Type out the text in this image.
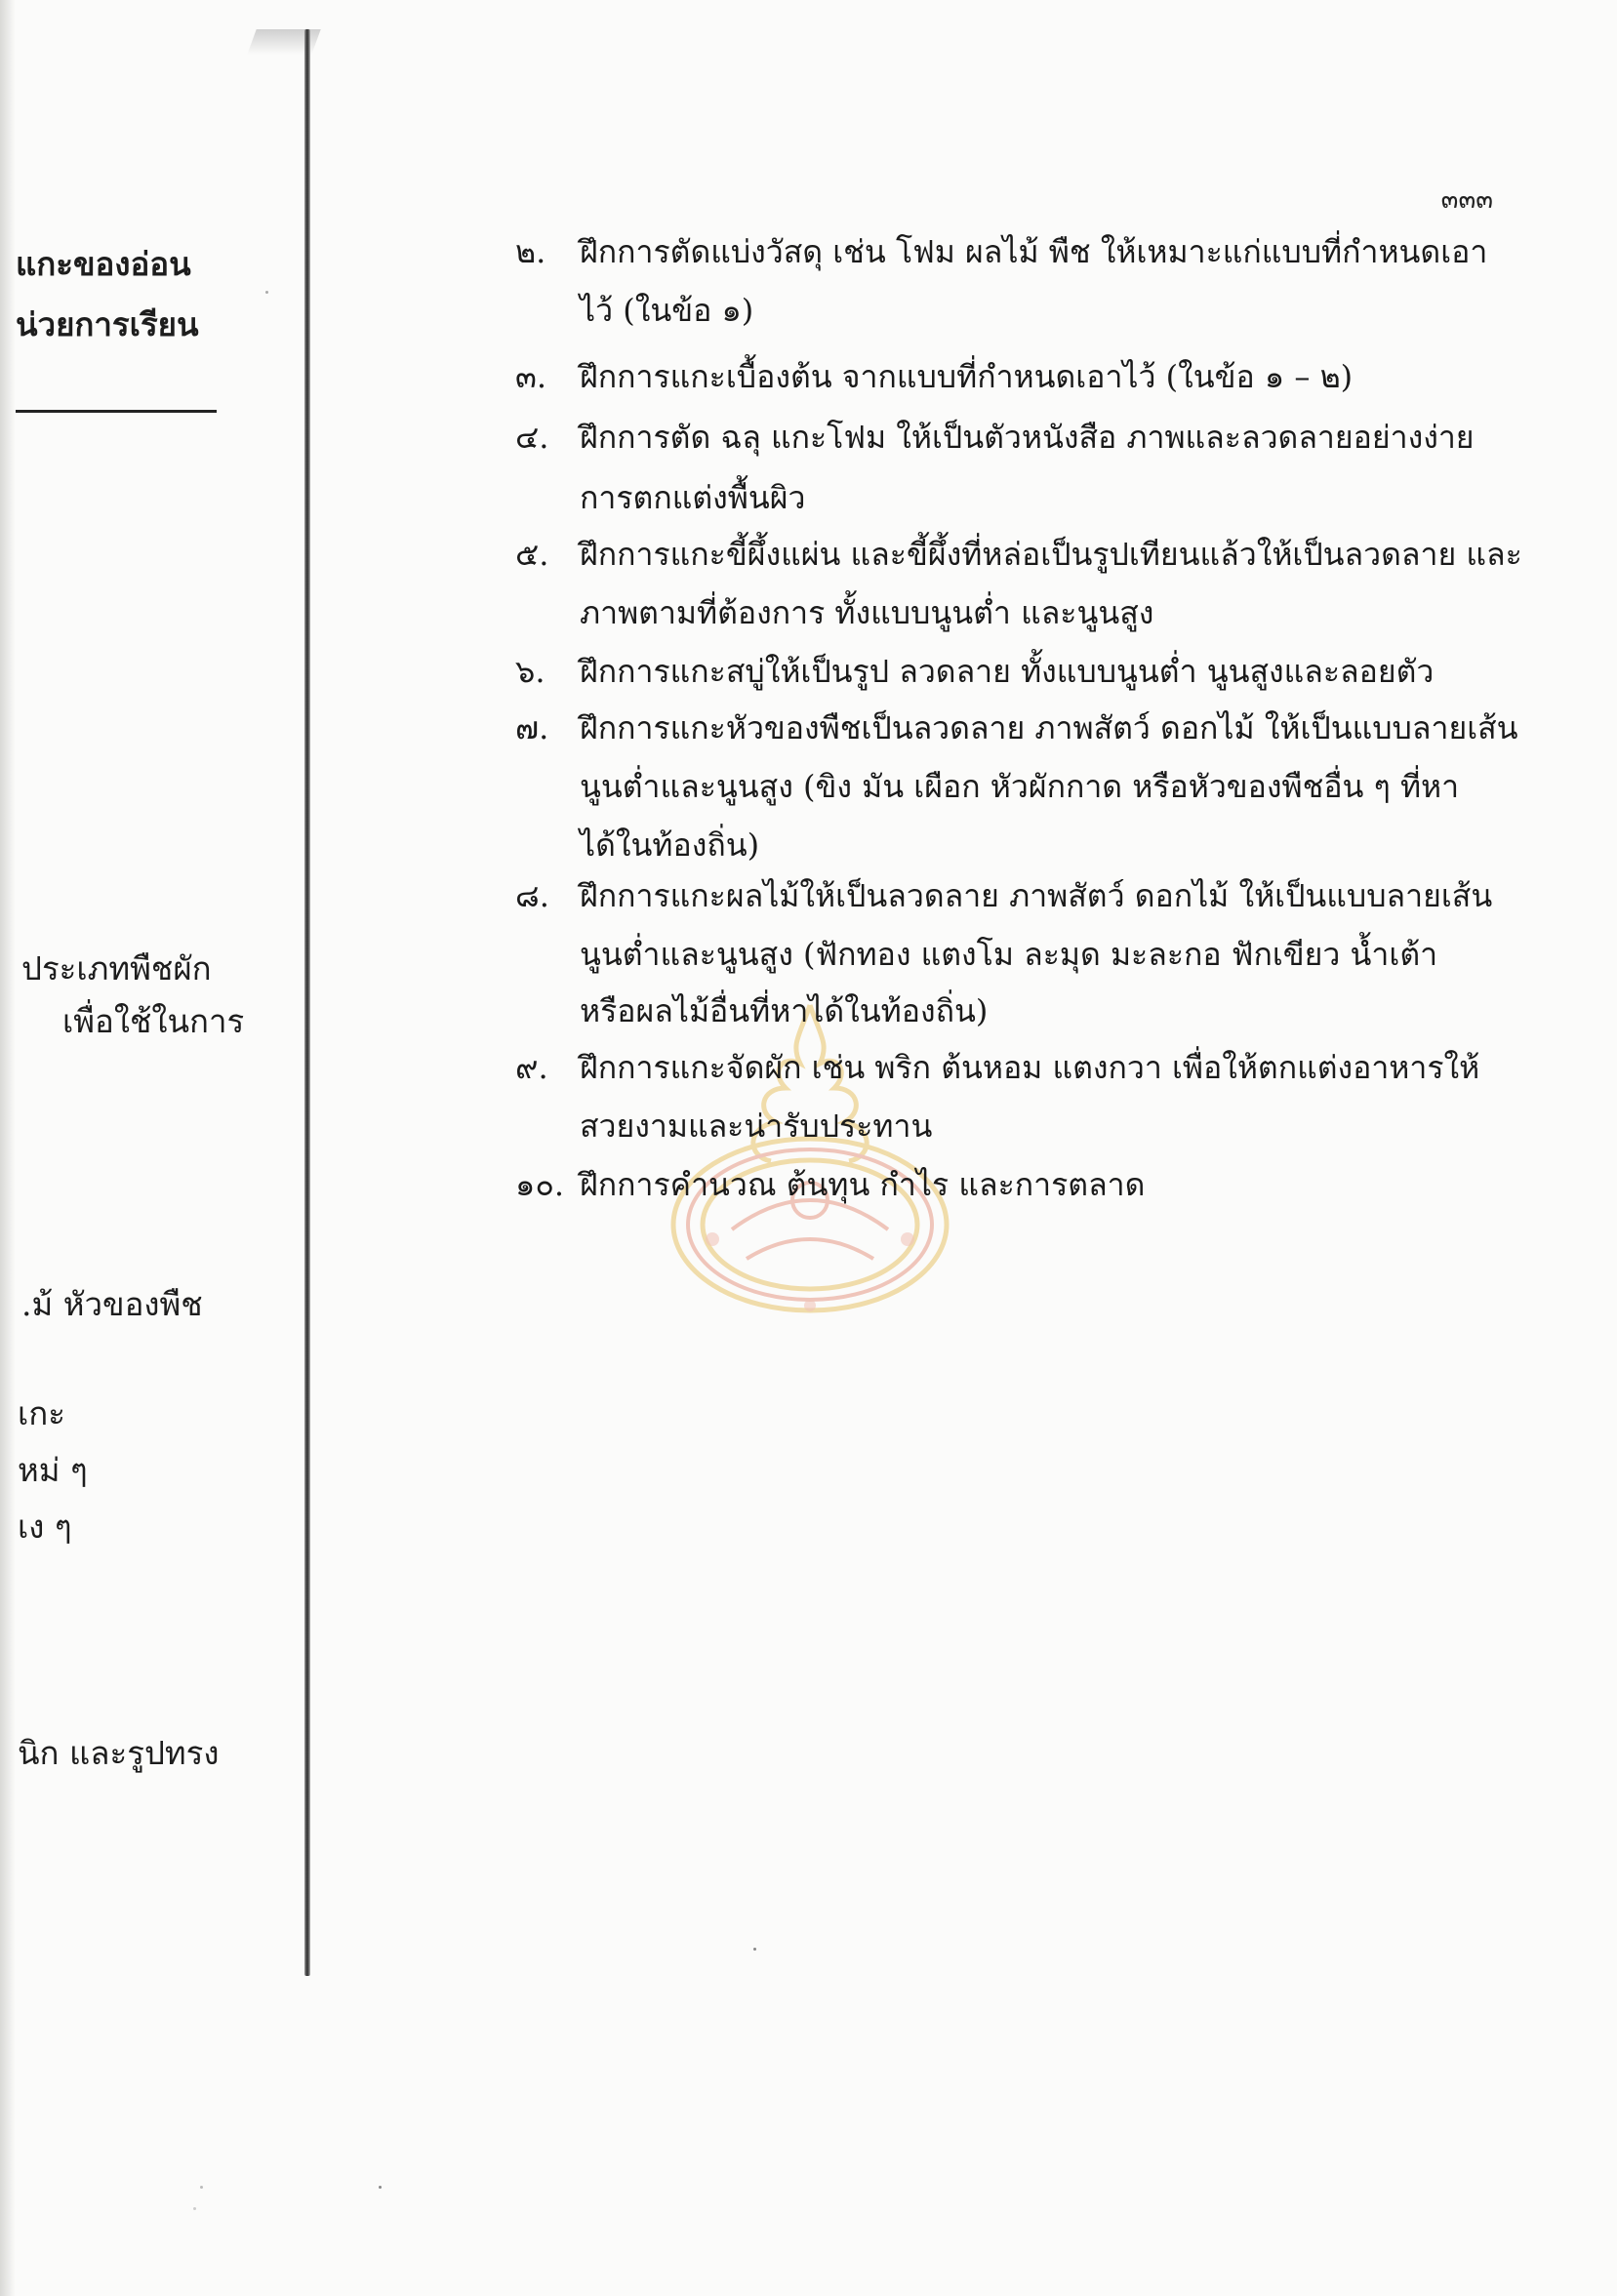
แกะของอ่อน
น่วยการเรียน
ประเภทพืชผัก
เพื่อใช้ในการ
.ม้ หัวของพืช
เกะ
หม่ ๆ
เง ๆ
นิก และรูปทรง
๓๓๓
๒.	ฝึกการตัดแบ่งวัสดุ เช่น โฟม ผลไม้ พืช ให้เหมาะแก่แบบที่กำหนดเอา
ไว้ (ในข้อ ๑)
๓.	ฝึกการแกะเบื้องต้น จากแบบที่กำหนดเอาไว้ (ในข้อ ๑ – ๒)
๔. ฝึกการตัด ฉลุ แกะโฟม ให้เป็นตัวหนังสือ ภาพและลวดลายอย่างง่าย
การตกแต่งพื้นผิว
๕. ฝึกการแกะขี้ผึ้งแผ่น และขี้ผึ้งที่หล่อเป็นรูปเทียนแล้วให้เป็นลวดลาย และ
ภาพตามที่ต้องการ ทั้งแบบนูนต่ำ และนูนสูง
๖.	ฝึกการแกะสบู่ให้เป็นรูป ลวดลาย ทั้งแบบนูนต่ำ นูนสูงและลอยตัว
๗. ฝึกการแกะหัวของพืชเป็นลวดลาย ภาพสัตว์ ดอกไม้ ให้เป็นแบบลายเส้น
นูนต่ำและนูนสูง (ขิง มัน เผือก หัวผักกาด หรือหัวของพืชอื่น ๆ ที่หา
ได้ในท้องถิ่น)
๘. ฝึกการแกะผลไม้ให้เป็นลวดลาย ภาพสัตว์ ดอกไม้ ให้เป็นแบบลายเส้น
นูนต่ำและนูนสูง (ฟักทอง แตงโม ละมุด มะละกอ ฟักเขียว น้ำเต้า
หรือผลไม้อื่นที่หาได้ในท้องถิ่น)
๙.	ฝึกการแกะจัดผัก เช่น พริก ต้นหอม แตงกวา เพื่อให้ตกแต่งอาหารให้
สวยงามและน่ารับประทาน
๑๐. ฝึกการคำนวณ ต้นทุน กำไร และการตลาด
